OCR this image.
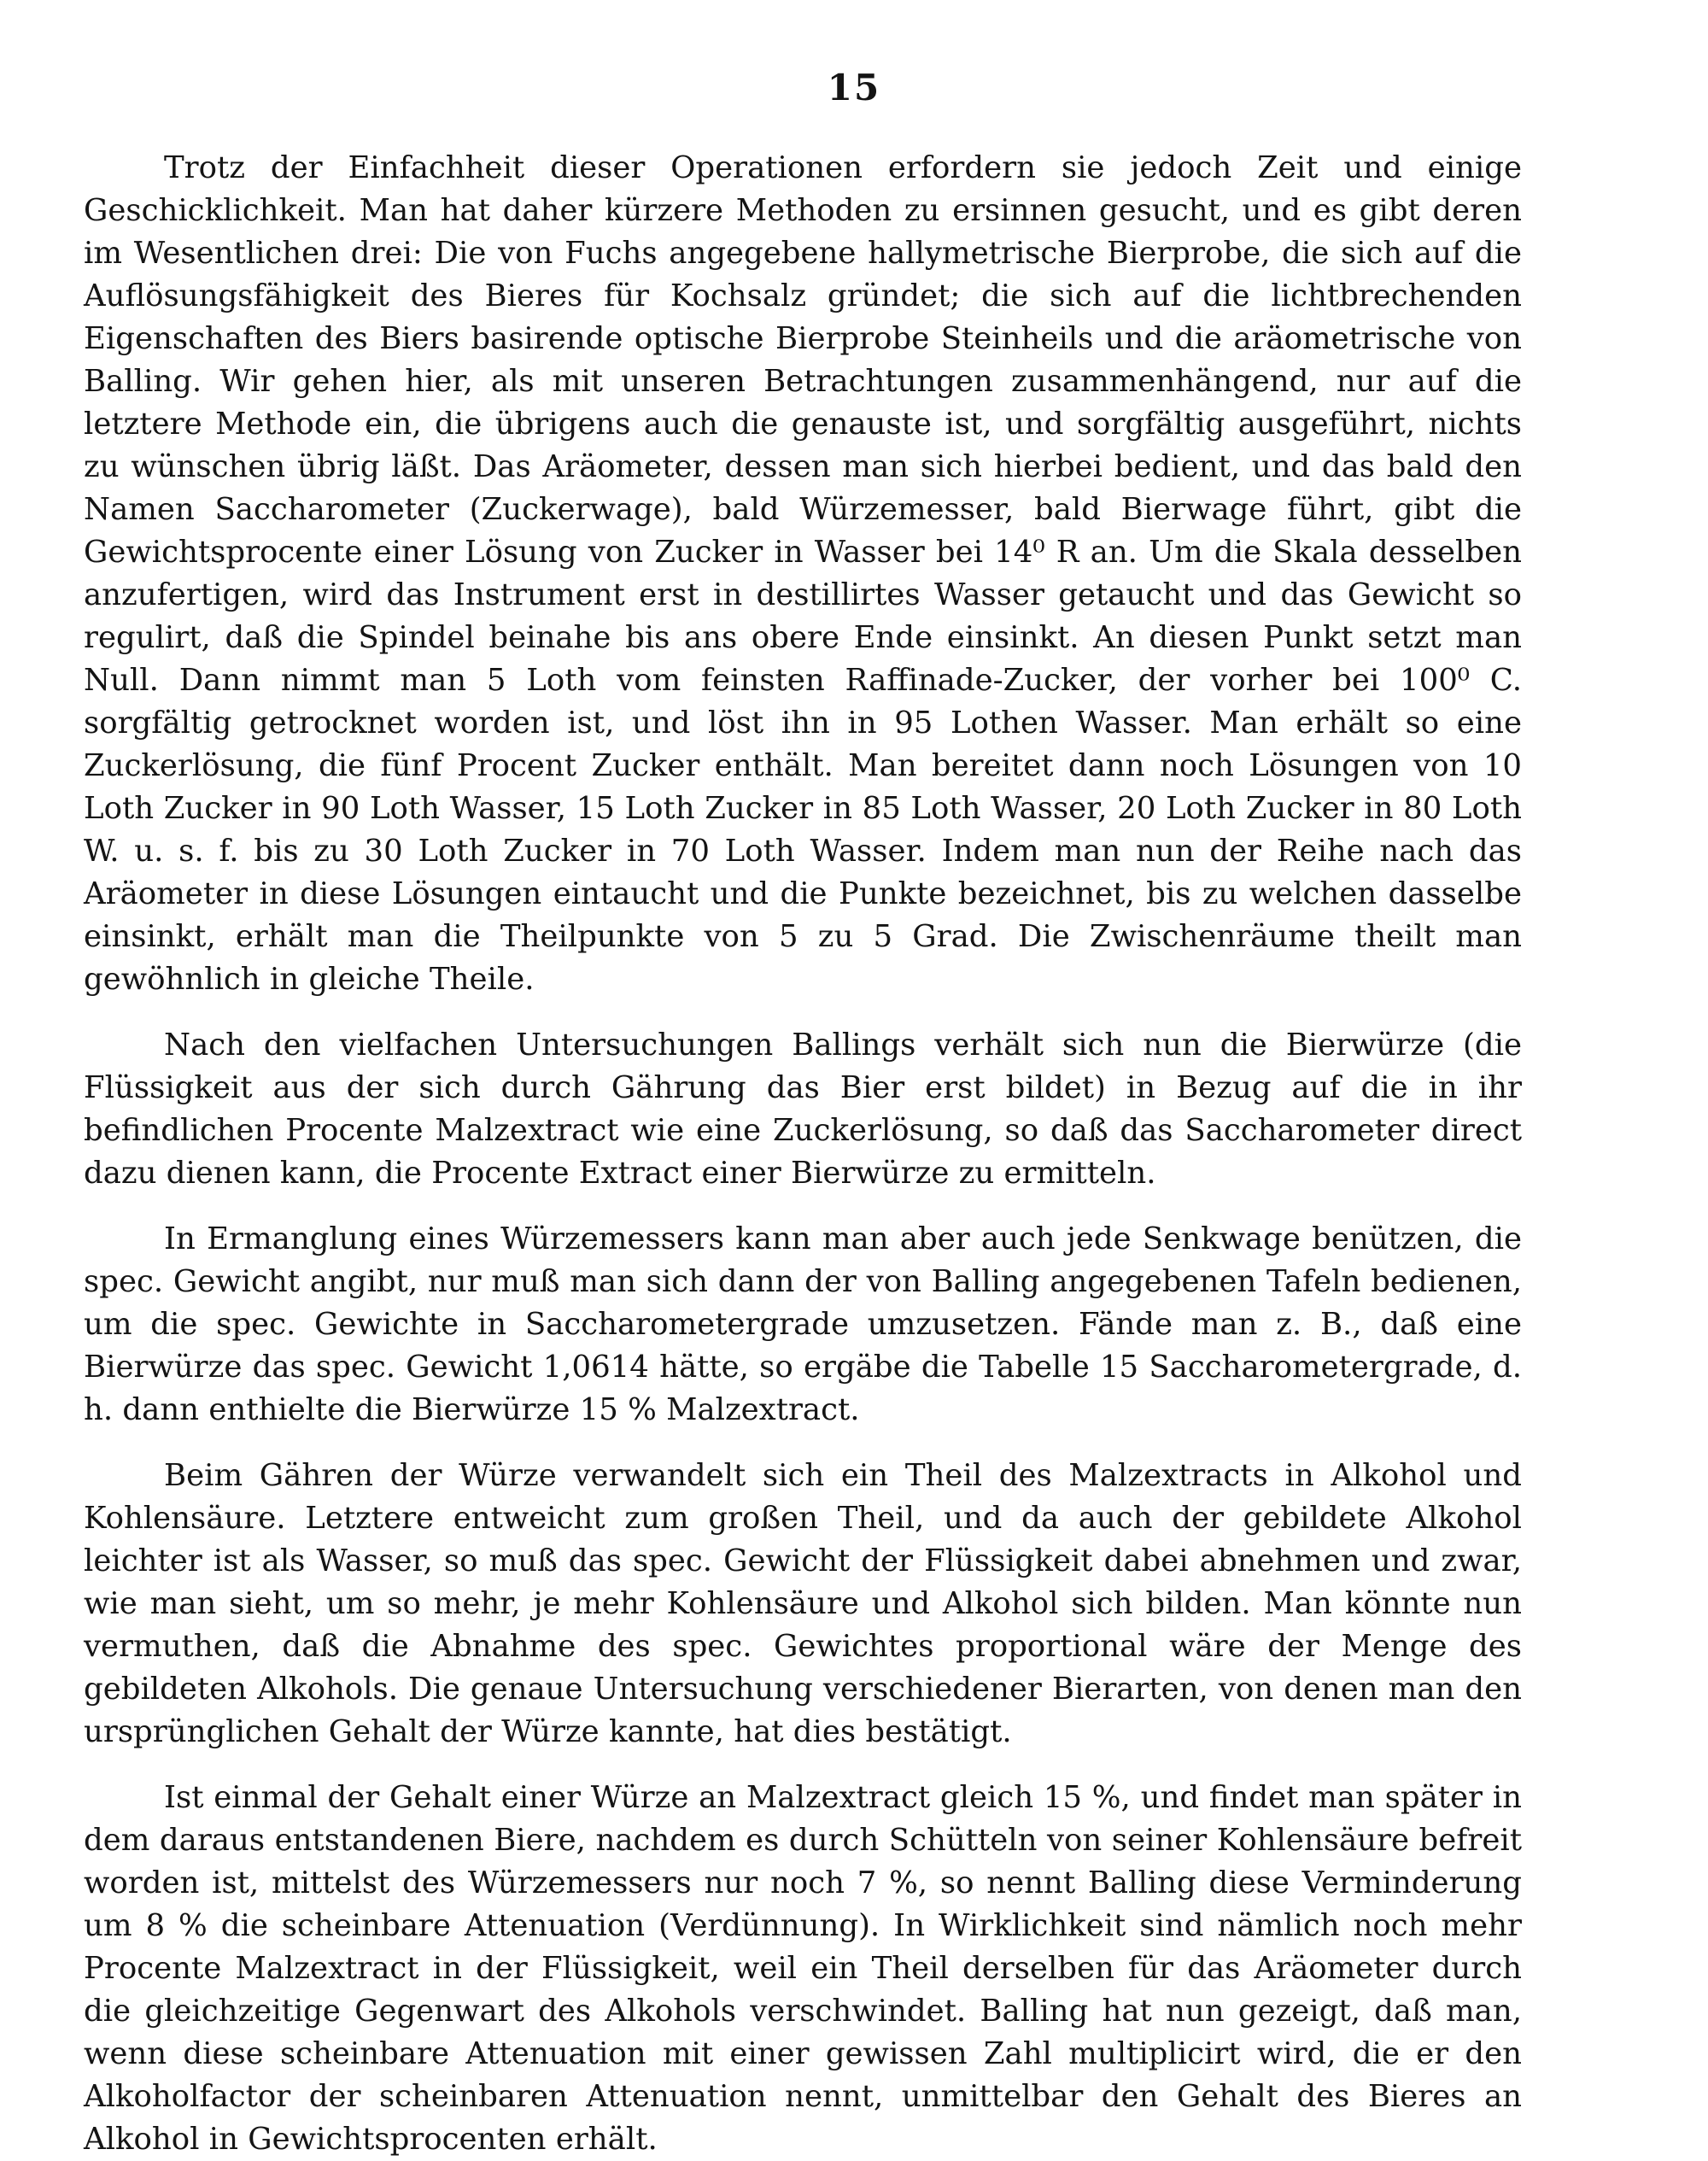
15

Trotz der Einfachheit dieser Operationen erfordern sie jedoch Zeit und einige Geschicklichkeit. Man hat daher kürzere Methoden zu ersinnen gesucht, und es gibt deren im Wesentlichen drei: Die von Fuchs angegebene hallymetrische Bierprobe, die sich auf die Auflösungsfähigkeit des Bieres für Kochsalz gründet; die sich auf die lichtbrechenden Eigenschaften des Biers basirende optische Bierprobe Steinheils und die aräometrische von Balling. Wir gehen hier, als mit unseren Betrachtungen zusammenhängend, nur auf die letztere Methode ein, die übrigens auch die genauste ist, und sorgfältig ausgeführt, nichts zu wünschen übrig läßt. Das Aräometer, dessen man sich hierbei bedient, und das bald den Namen Saccharometer (Zuckerwage), bald Würzemesser, bald Bierwage führt, gibt die Gewichtsprocente einer Lösung von Zucker in Wasser bei 14⁰ R an. Um die Skala desselben anzufertigen, wird das Instrument erst in destillirtes Wasser getaucht und das Gewicht so regulirt, daß die Spindel beinahe bis ans obere Ende einsinkt. An diesen Punkt setzt man Null. Dann nimmt man 5 Loth vom feinsten Raffinade-Zucker, der vorher bei 100⁰ C. sorgfältig getrocknet worden ist, und löst ihn in 95 Lothen Wasser. Man erhält so eine Zuckerlösung, die fünf Procent Zucker enthält. Man bereitet dann noch Lösungen von 10 Loth Zucker in 90 Loth Wasser, 15 Loth Zucker in 85 Loth Wasser, 20 Loth Zucker in 80 Loth W. u. s. f. bis zu 30 Loth Zucker in 70 Loth Wasser. Indem man nun der Reihe nach das Aräometer in diese Lösungen eintaucht und die Punkte bezeichnet, bis zu welchen dasselbe einsinkt, erhält man die Theilpunkte von 5 zu 5 Grad. Die Zwischenräume theilt man gewöhnlich in gleiche Theile.

Nach den vielfachen Untersuchungen Ballings verhält sich nun die Bierwürze (die Flüssigkeit aus der sich durch Gährung das Bier erst bildet) in Bezug auf die in ihr befindlichen Procente Malzextract wie eine Zuckerlösung, so daß das Saccharometer direct dazu dienen kann, die Procente Extract einer Bierwürze zu ermitteln.

In Ermanglung eines Würzemessers kann man aber auch jede Senkwage benützen, die spec. Gewicht angibt, nur muß man sich dann der von Balling angegebenen Tafeln bedienen, um die spec. Gewichte in Saccharometergrade umzusetzen. Fände man z. B., daß eine Bierwürze das spec. Gewicht 1,0614 hätte, so ergäbe die Tabelle 15 Saccharometergrade, d. h. dann enthielte die Bierwürze 15 % Malzextract.

Beim Gähren der Würze verwandelt sich ein Theil des Malzextracts in Alkohol und Kohlensäure. Letztere entweicht zum großen Theil, und da auch der gebildete Alkohol leichter ist als Wasser, so muß das spec. Gewicht der Flüssigkeit dabei abnehmen und zwar, wie man sieht, um so mehr, je mehr Kohlensäure und Alkohol sich bilden. Man könnte nun vermuthen, daß die Abnahme des spec. Gewichtes proportional wäre der Menge des gebildeten Alkohols. Die genaue Untersuchung verschiedener Bierarten, von denen man den ursprünglichen Gehalt der Würze kannte, hat dies bestätigt.

Ist einmal der Gehalt einer Würze an Malzextract gleich 15 %, und findet man später in dem daraus entstandenen Biere, nachdem es durch Schütteln von seiner Kohlensäure befreit worden ist, mittelst des Würzemessers nur noch 7 %, so nennt Balling diese Verminderung um 8 % die scheinbare Attenuation (Verdünnung). In Wirklichkeit sind nämlich noch mehr Procente Malzextract in der Flüssigkeit, weil ein Theil derselben für das Aräometer durch die gleichzeitige Gegenwart des Alkohols verschwindet. Balling hat nun gezeigt, daß man, wenn diese scheinbare Attenuation mit einer gewissen Zahl multiplicirt wird, die er den Alkoholfactor der scheinbaren Attenuation nennt, unmittelbar den Gehalt des Bieres an Alkohol in Gewichtsprocenten erhält.
